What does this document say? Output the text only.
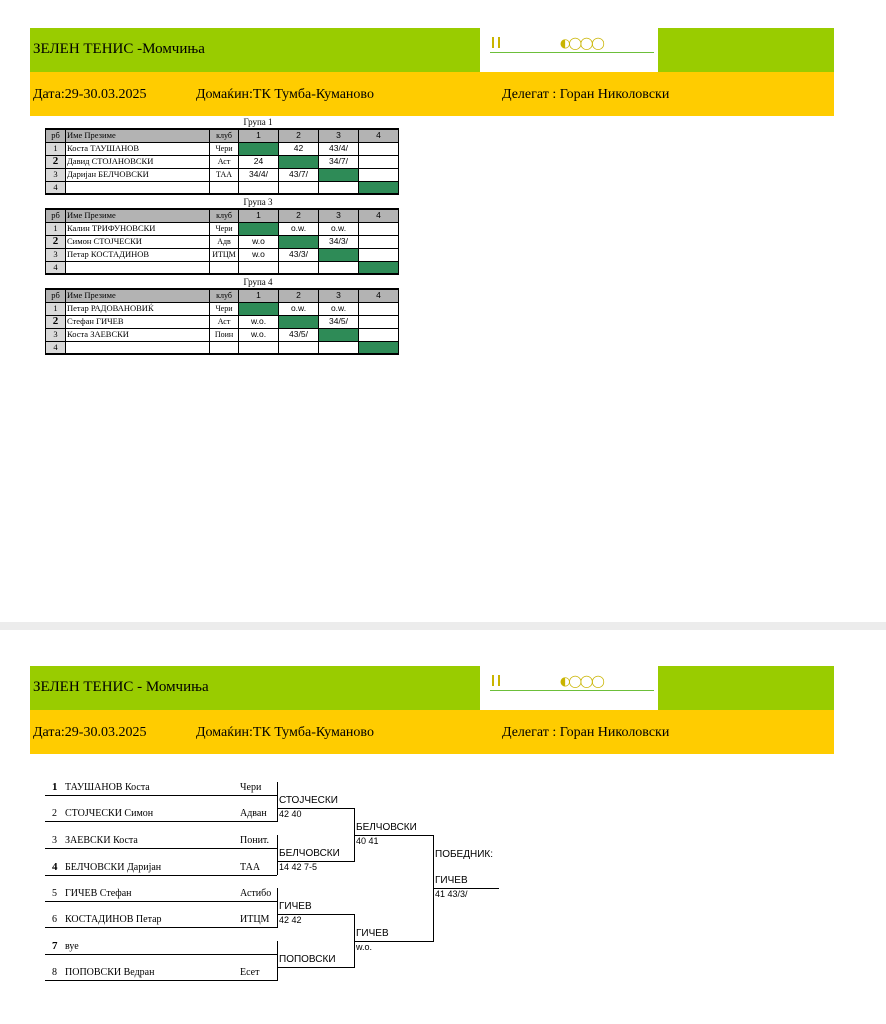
ЗЕЛЕН ТЕНИС -Момчиња	◐◯◯◯
Дата:29-30.03.2025	Домаќин:ТК Тумба-Куманово	Делегат : Горан Николовски
Група 1
рб	Име Презиме	клуб	1	2	3	4
1	Коста ТАУШАНОВ	Чери		42	43/4/	
2	Давид СТОЈАНОВСКИ	Аст	24		34/7/	
3	Даријан БЕЛЧОВСКИ	ТАА	34/4/	43/7/		
4						
Група 3
рб	Име Презиме	клуб	1	2	3	4
1	Калин ТРИФУНОВСКИ	Чери		o.w.	o.w.	
2	Симон СТОЈЧЕСКИ	Адв	w.o		34/3/	
3	Петар КОСТАДИНОВ	ИТЦМ	w.o	43/3/		
4						
Група 4
рб	Име Презиме	клуб	1	2	3	4
1	Петар РАДОВАНОВИЌ	Чери		o.w.	o.w.	
2	Стефан ГИЧЕВ	Аст	w.o.		34/5/	
3	Коста ЗАЕВСКИ	Поин	w.o.	43/5/		
4						
ЗЕЛЕН ТЕНИС - Момчиња	◐◯◯◯
Дата:29-30.03.2025	Домаќин:ТК Тумба-Куманово	Делегат : Горан Николовски
1 ТАУШАНОВ Коста	Чери
2 СТОЈЧЕСКИ Симон	Адван
3 ЗАЕВСКИ Коста	Понит.
4 БЕЛЧОВСКИ Даријан	ТАА
5 ГИЧЕВ Стефан	Астибо
6 КОСТАДИНОВ Петар	ИТЦМ
7 вуе
8 ПОПОВСКИ Ведран	Есет
СТОЈЧЕСКИ
42 40
БЕЛЧОВСКИ
14 42 7-5
ГИЧЕВ
42 42
ПОПОВСКИ
БЕЛЧОВСКИ
40 41
ГИЧЕВ
w.o.
ПОБЕДНИК:
ГИЧЕВ
41 43/3/
